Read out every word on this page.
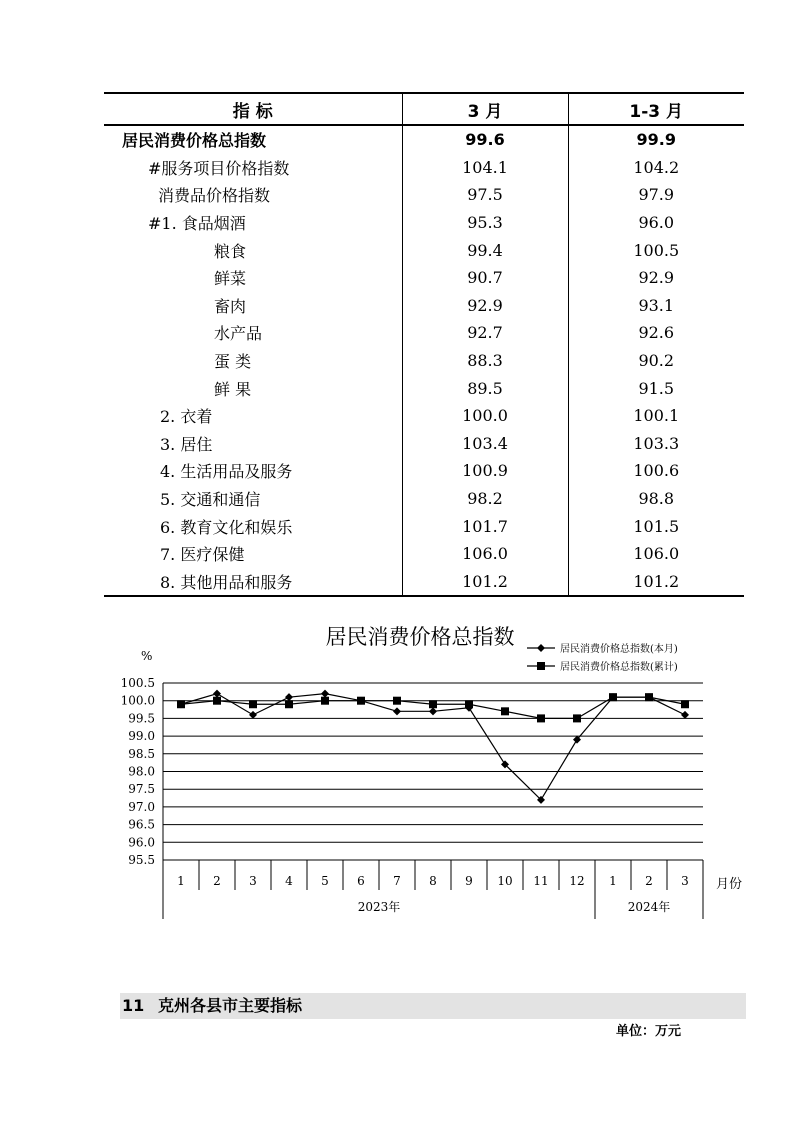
指 标	3 月	1-3 月
居民消费价格总指数	99.6	99.9
#服务项目价格指数	104.1	104.2
消费品价格指数	97.5	97.9
#1. 食品烟酒	95.3	96.0
粮食	99.4	100.5
鲜菜	90.7	92.9
畜肉	92.9	93.1
水产品	92.7	92.6
蛋 类	88.3	90.2
鲜 果	89.5	91.5
2. 衣着	100.0	100.1
3. 居住	103.4	103.3
4. 生活用品及服务	100.9	100.6
5. 交通和通信	98.2	98.8
6. 教育文化和娱乐	101.7	101.5
7. 医疗保健	106.0	106.0
8. 其他用品和服务	101.2	101.2
居民消费价格总指数
%
100.5
100.0
99.5
99.0
98.5
98.0
97.5
97.0
96.5
96.0
95.5
1 2 3 4 5 6 7 8 9 10 11 12 1 2 3 月份
2023年	2024年
居民消费价格总指数(本月)
居民消费价格总指数(累计)
11 克州各县市主要指标
单位：万元
